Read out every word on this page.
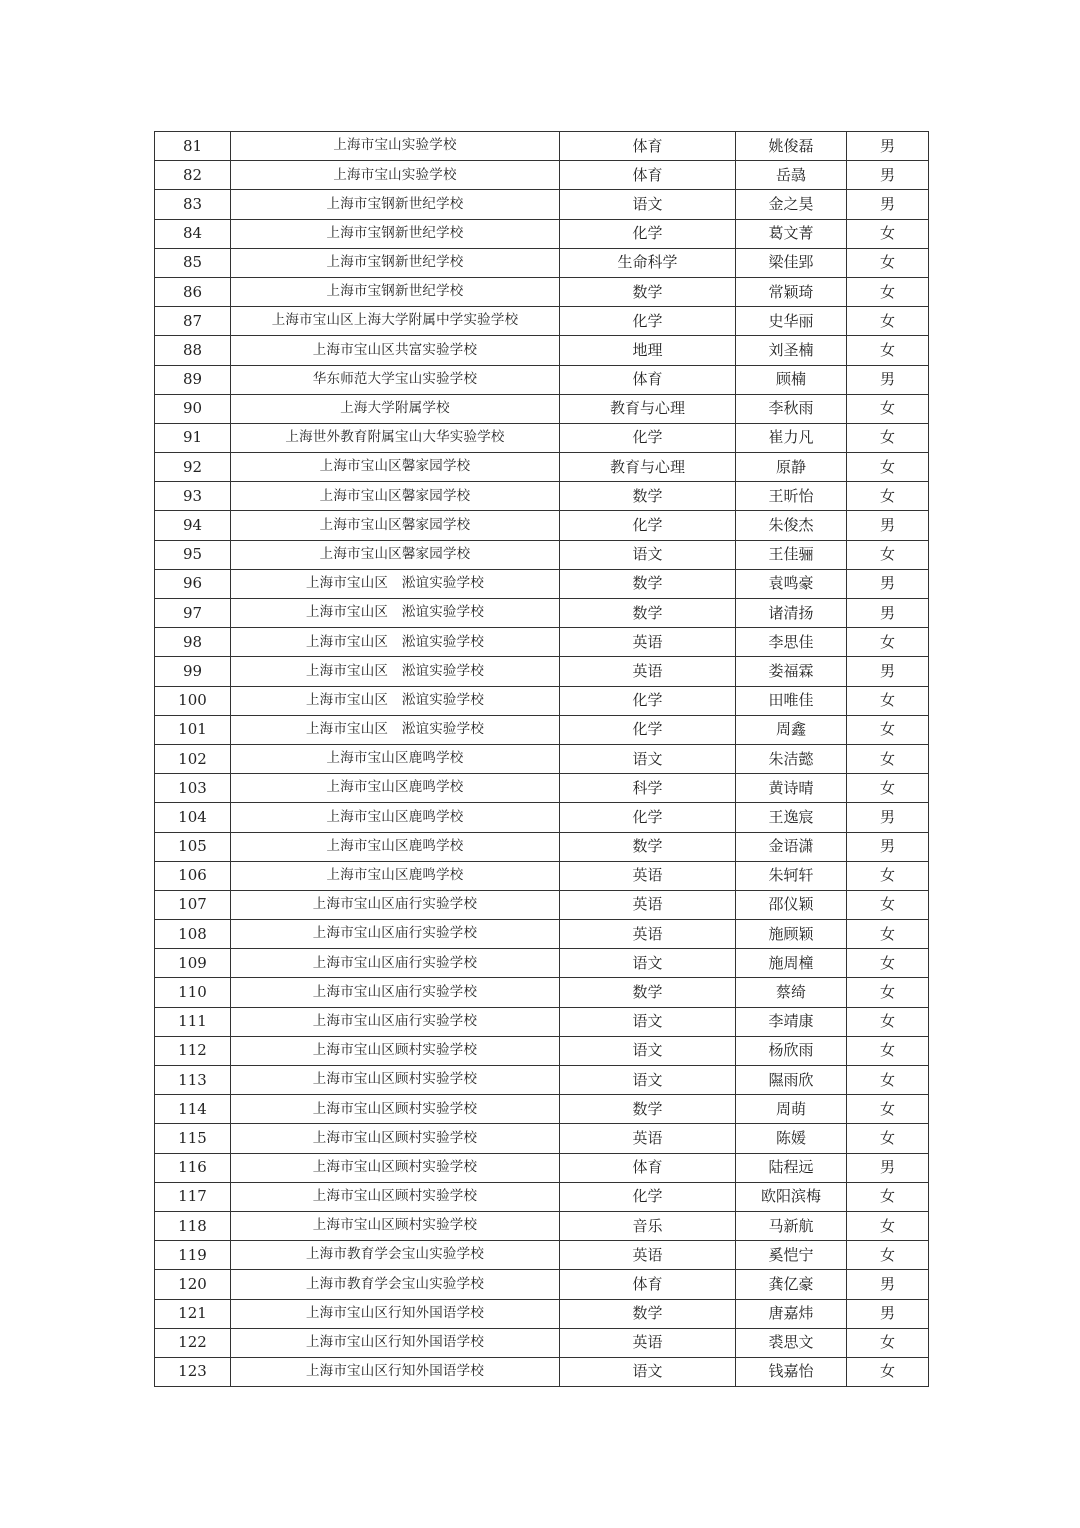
81	上海市宝山实验学校	体育	姚俊磊	男
82	上海市宝山实验学校	体育	岳骉	男
83	上海市宝钢新世纪学校	语文	金之昊	男
84	上海市宝钢新世纪学校	化学	葛文菁	女
85	上海市宝钢新世纪学校	生命科学	梁佳郢	女
86	上海市宝钢新世纪学校	数学	常颖琦	女
87	上海市宝山区上海大学附属中学实验学校	化学	史华丽	女
88	上海市宝山区共富实验学校	地理	刘圣楠	女
89	华东师范大学宝山实验学校	体育	顾楠	男
90	上海大学附属学校	教育与心理	李秋雨	女
91	上海世外教育附属宝山大华实验学校	化学	崔力凡	女
92	上海市宝山区馨家园学校	教育与心理	原静	女
93	上海市宝山区馨家园学校	数学	王昕怡	女
94	上海市宝山区馨家园学校	化学	朱俊杰	男
95	上海市宝山区馨家园学校	语文	王佳骊	女
96	上海市宝山区　淞谊实验学校	数学	袁鸣豪	男
97	上海市宝山区　淞谊实验学校	数学	诸清扬	男
98	上海市宝山区　淞谊实验学校	英语	李思佳	女
99	上海市宝山区　淞谊实验学校	英语	娄福霖	男
100	上海市宝山区　淞谊实验学校	化学	田唯佳	女
101	上海市宝山区　淞谊实验学校	化学	周鑫	女
102	上海市宝山区鹿鸣学校	语文	朱洁懿	女
103	上海市宝山区鹿鸣学校	科学	黄诗晴	女
104	上海市宝山区鹿鸣学校	化学	王逸宸	男
105	上海市宝山区鹿鸣学校	数学	金语潇	男
106	上海市宝山区鹿鸣学校	英语	朱轲轩	女
107	上海市宝山区庙行实验学校	英语	邵仪颖	女
108	上海市宝山区庙行实验学校	英语	施顾颖	女
109	上海市宝山区庙行实验学校	语文	施周橦	女
110	上海市宝山区庙行实验学校	数学	蔡绮	女
111	上海市宝山区庙行实验学校	语文	李靖康	女
112	上海市宝山区顾村实验学校	语文	杨欣雨	女
113	上海市宝山区顾村实验学校	语文	隰雨欣	女
114	上海市宝山区顾村实验学校	数学	周萌	女
115	上海市宝山区顾村实验学校	英语	陈媛	女
116	上海市宝山区顾村实验学校	体育	陆程远	男
117	上海市宝山区顾村实验学校	化学	欧阳滨梅	女
118	上海市宝山区顾村实验学校	音乐	马新航	女
119	上海市教育学会宝山实验学校	英语	奚恺宁	女
120	上海市教育学会宝山实验学校	体育	龚亿豪	男
121	上海市宝山区行知外国语学校	数学	唐嘉炜	男
122	上海市宝山区行知外国语学校	英语	裘思文	女
123	上海市宝山区行知外国语学校	语文	钱嘉怡	女
